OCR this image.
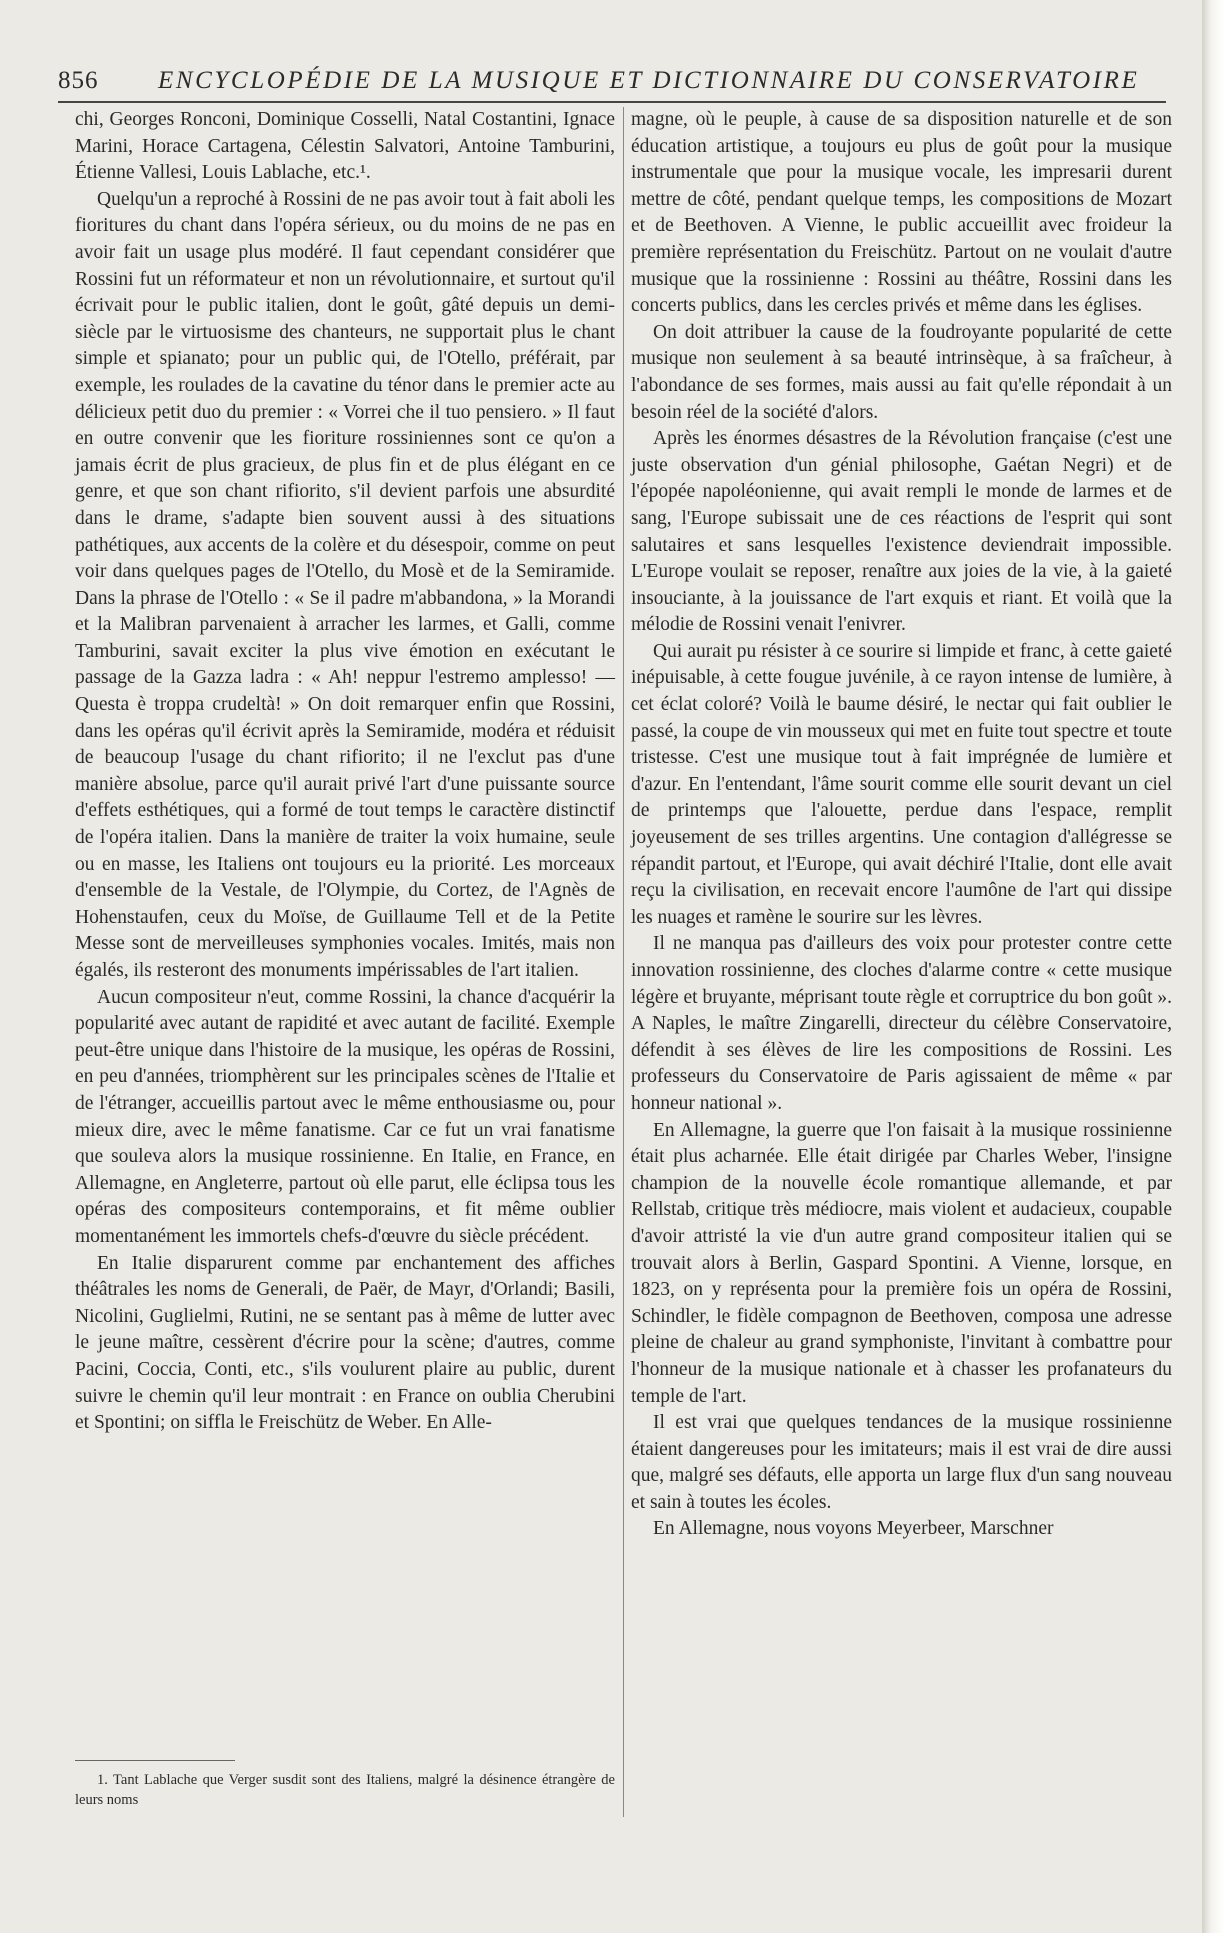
856 ENCYCLOPÉDIE DE LA MUSIQUE ET DICTIONNAIRE DU CONSERVATOIRE

chi, Georges Ronconi, Dominique Cosselli, Natal Costantini, Ignace Marini, Horace Cartagena, Célestin Salvatori, Antoine Tamburini, Étienne Vallesi, Louis Lablache, etc.¹.

Quelqu'un a reproché à Rossini de ne pas avoir tout à fait aboli les fioritures du chant dans l'opéra sérieux, ou du moins de ne pas en avoir fait un usage plus modéré. Il faut cependant considérer que Rossini fut un réformateur et non un révolutionnaire, et surtout qu'il écrivait pour le public italien, dont le goût, gâté depuis un demi-siècle par le virtuosisme des chanteurs, ne supportait plus le chant simple et spianato; pour un public qui, de l'Otello, préférait, par exemple, les roulades de la cavatine du ténor dans le premier acte au délicieux petit duo du premier : « Vorrei che il tuo pensiero. » Il faut en outre convenir que les fioriture rossiniennes sont ce qu'on a jamais écrit de plus gracieux, de plus fin et de plus élégant en ce genre, et que son chant rifiorito, s'il devient parfois une absurdité dans le drame, s'adapte bien souvent aussi à des situations pathétiques, aux accents de la colère et du désespoir, comme on peut voir dans quelques pages de l'Otello, du Mosè et de la Semiramide. Dans la phrase de l'Otello : « Se il padre m'abbandona, » la Morandi et la Malibran parvenaient à arracher les larmes, et Galli, comme Tamburini, savait exciter la plus vive émotion en exécutant le passage de la Gazza ladra : « Ah! neppur l'estremo amplesso! — Questa è troppa crudeltà! » On doit remarquer enfin que Rossini, dans les opéras qu'il écrivit après la Semiramide, modéra et réduisit de beaucoup l'usage du chant rifiorito; il ne l'exclut pas d'une manière absolue, parce qu'il aurait privé l'art d'une puissante source d'effets esthétiques, qui a formé de tout temps le caractère distinctif de l'opéra italien. Dans la manière de traiter la voix humaine, seule ou en masse, les Italiens ont toujours eu la priorité. Les morceaux d'ensemble de la Vestale, de l'Olympie, du Cortez, de l'Agnès de Hohenstaufen, ceux du Moïse, de Guillaume Tell et de la Petite Messe sont de merveilleuses symphonies vocales. Imités, mais non égalés, ils resteront des monuments impérissables de l'art italien.

Aucun compositeur n'eut, comme Rossini, la chance d'acquérir la popularité avec autant de rapidité et avec autant de facilité. Exemple peut-être unique dans l'histoire de la musique, les opéras de Rossini, en peu d'années, triomphèrent sur les principales scènes de l'Italie et de l'étranger, accueillis partout avec le même enthousiasme ou, pour mieux dire, avec le même fanatisme. Car ce fut un vrai fanatisme que souleva alors la musique rossinienne. En Italie, en France, en Allemagne, en Angleterre, partout où elle parut, elle éclipsa tous les opéras des compositeurs contemporains, et fit même oublier momentanément les immortels chefs-d'œuvre du siècle précédent.

En Italie disparurent comme par enchantement des affiches théâtrales les noms de Generali, de Paër, de Mayr, d'Orlandi; Basili, Nicolini, Guglielmi, Rutini, ne se sentant pas à même de lutter avec le jeune maître, cessèrent d'écrire pour la scène; d'autres, comme Pacini, Coccia, Conti, etc., s'ils voulurent plaire au public, durent suivre le chemin qu'il leur montrait : en France on oublia Cherubini et Spontini; on siffla le Freischütz de Weber. En Alle-

magne, où le peuple, à cause de sa disposition naturelle et de son éducation artistique, a toujours eu plus de goût pour la musique instrumentale que pour la musique vocale, les impresarii durent mettre de côté, pendant quelque temps, les compositions de Mozart et de Beethoven. A Vienne, le public accueillit avec froideur la première représentation du Freischütz. Partout on ne voulait d'autre musique que la rossinienne : Rossini au théâtre, Rossini dans les concerts publics, dans les cercles privés et même dans les églises.

On doit attribuer la cause de la foudroyante popularité de cette musique non seulement à sa beauté intrinsèque, à sa fraîcheur, à l'abondance de ses formes, mais aussi au fait qu'elle répondait à un besoin réel de la société d'alors.

Après les énormes désastres de la Révolution française (c'est une juste observation d'un génial philosophe, Gaétan Negri) et de l'épopée napoléonienne, qui avait rempli le monde de larmes et de sang, l'Europe subissait une de ces réactions de l'esprit qui sont salutaires et sans lesquelles l'existence deviendrait impossible. L'Europe voulait se reposer, renaître aux joies de la vie, à la gaieté insouciante, à la jouissance de l'art exquis et riant. Et voilà que la mélodie de Rossini venait l'enivrer.

Qui aurait pu résister à ce sourire si limpide et franc, à cette gaieté inépuisable, à cette fougue juvénile, à ce rayon intense de lumière, à cet éclat coloré? Voilà le baume désiré, le nectar qui fait oublier le passé, la coupe de vin mousseux qui met en fuite tout spectre et toute tristesse. C'est une musique tout à fait imprégnée de lumière et d'azur. En l'entendant, l'âme sourit comme elle sourit devant un ciel de printemps que l'alouette, perdue dans l'espace, remplit joyeusement de ses trilles argentins. Une contagion d'allégresse se répandit partout, et l'Europe, qui avait déchiré l'Italie, dont elle avait reçu la civilisation, en recevait encore l'aumône de l'art qui dissipe les nuages et ramène le sourire sur les lèvres.

Il ne manqua pas d'ailleurs des voix pour protester contre cette innovation rossinienne, des cloches d'alarme contre « cette musique légère et bruyante, méprisant toute règle et corruptrice du bon goût ». A Naples, le maître Zingarelli, directeur du célèbre Conservatoire, défendit à ses élèves de lire les compositions de Rossini. Les professeurs du Conservatoire de Paris agissaient de même « par honneur national ».

En Allemagne, la guerre que l'on faisait à la musique rossinienne était plus acharnée. Elle était dirigée par Charles Weber, l'insigne champion de la nouvelle école romantique allemande, et par Rellstab, critique très médiocre, mais violent et audacieux, coupable d'avoir attristé la vie d'un autre grand compositeur italien qui se trouvait alors à Berlin, Gaspard Spontini. A Vienne, lorsque, en 1823, on y représenta pour la première fois un opéra de Rossini, Schindler, le fidèle compagnon de Beethoven, composa une adresse pleine de chaleur au grand symphoniste, l'invitant à combattre pour l'honneur de la musique nationale et à chasser les profanateurs du temple de l'art.

Il est vrai que quelques tendances de la musique rossinienne étaient dangereuses pour les imitateurs; mais il est vrai de dire aussi que, malgré ses défauts, elle apporta un large flux d'un sang nouveau et sain à toutes les écoles.

En Allemagne, nous voyons Meyerbeer, Marschner

1. Tant Lablache que Verger susdit sont des Italiens, malgré la désinence étrangère de leurs noms
